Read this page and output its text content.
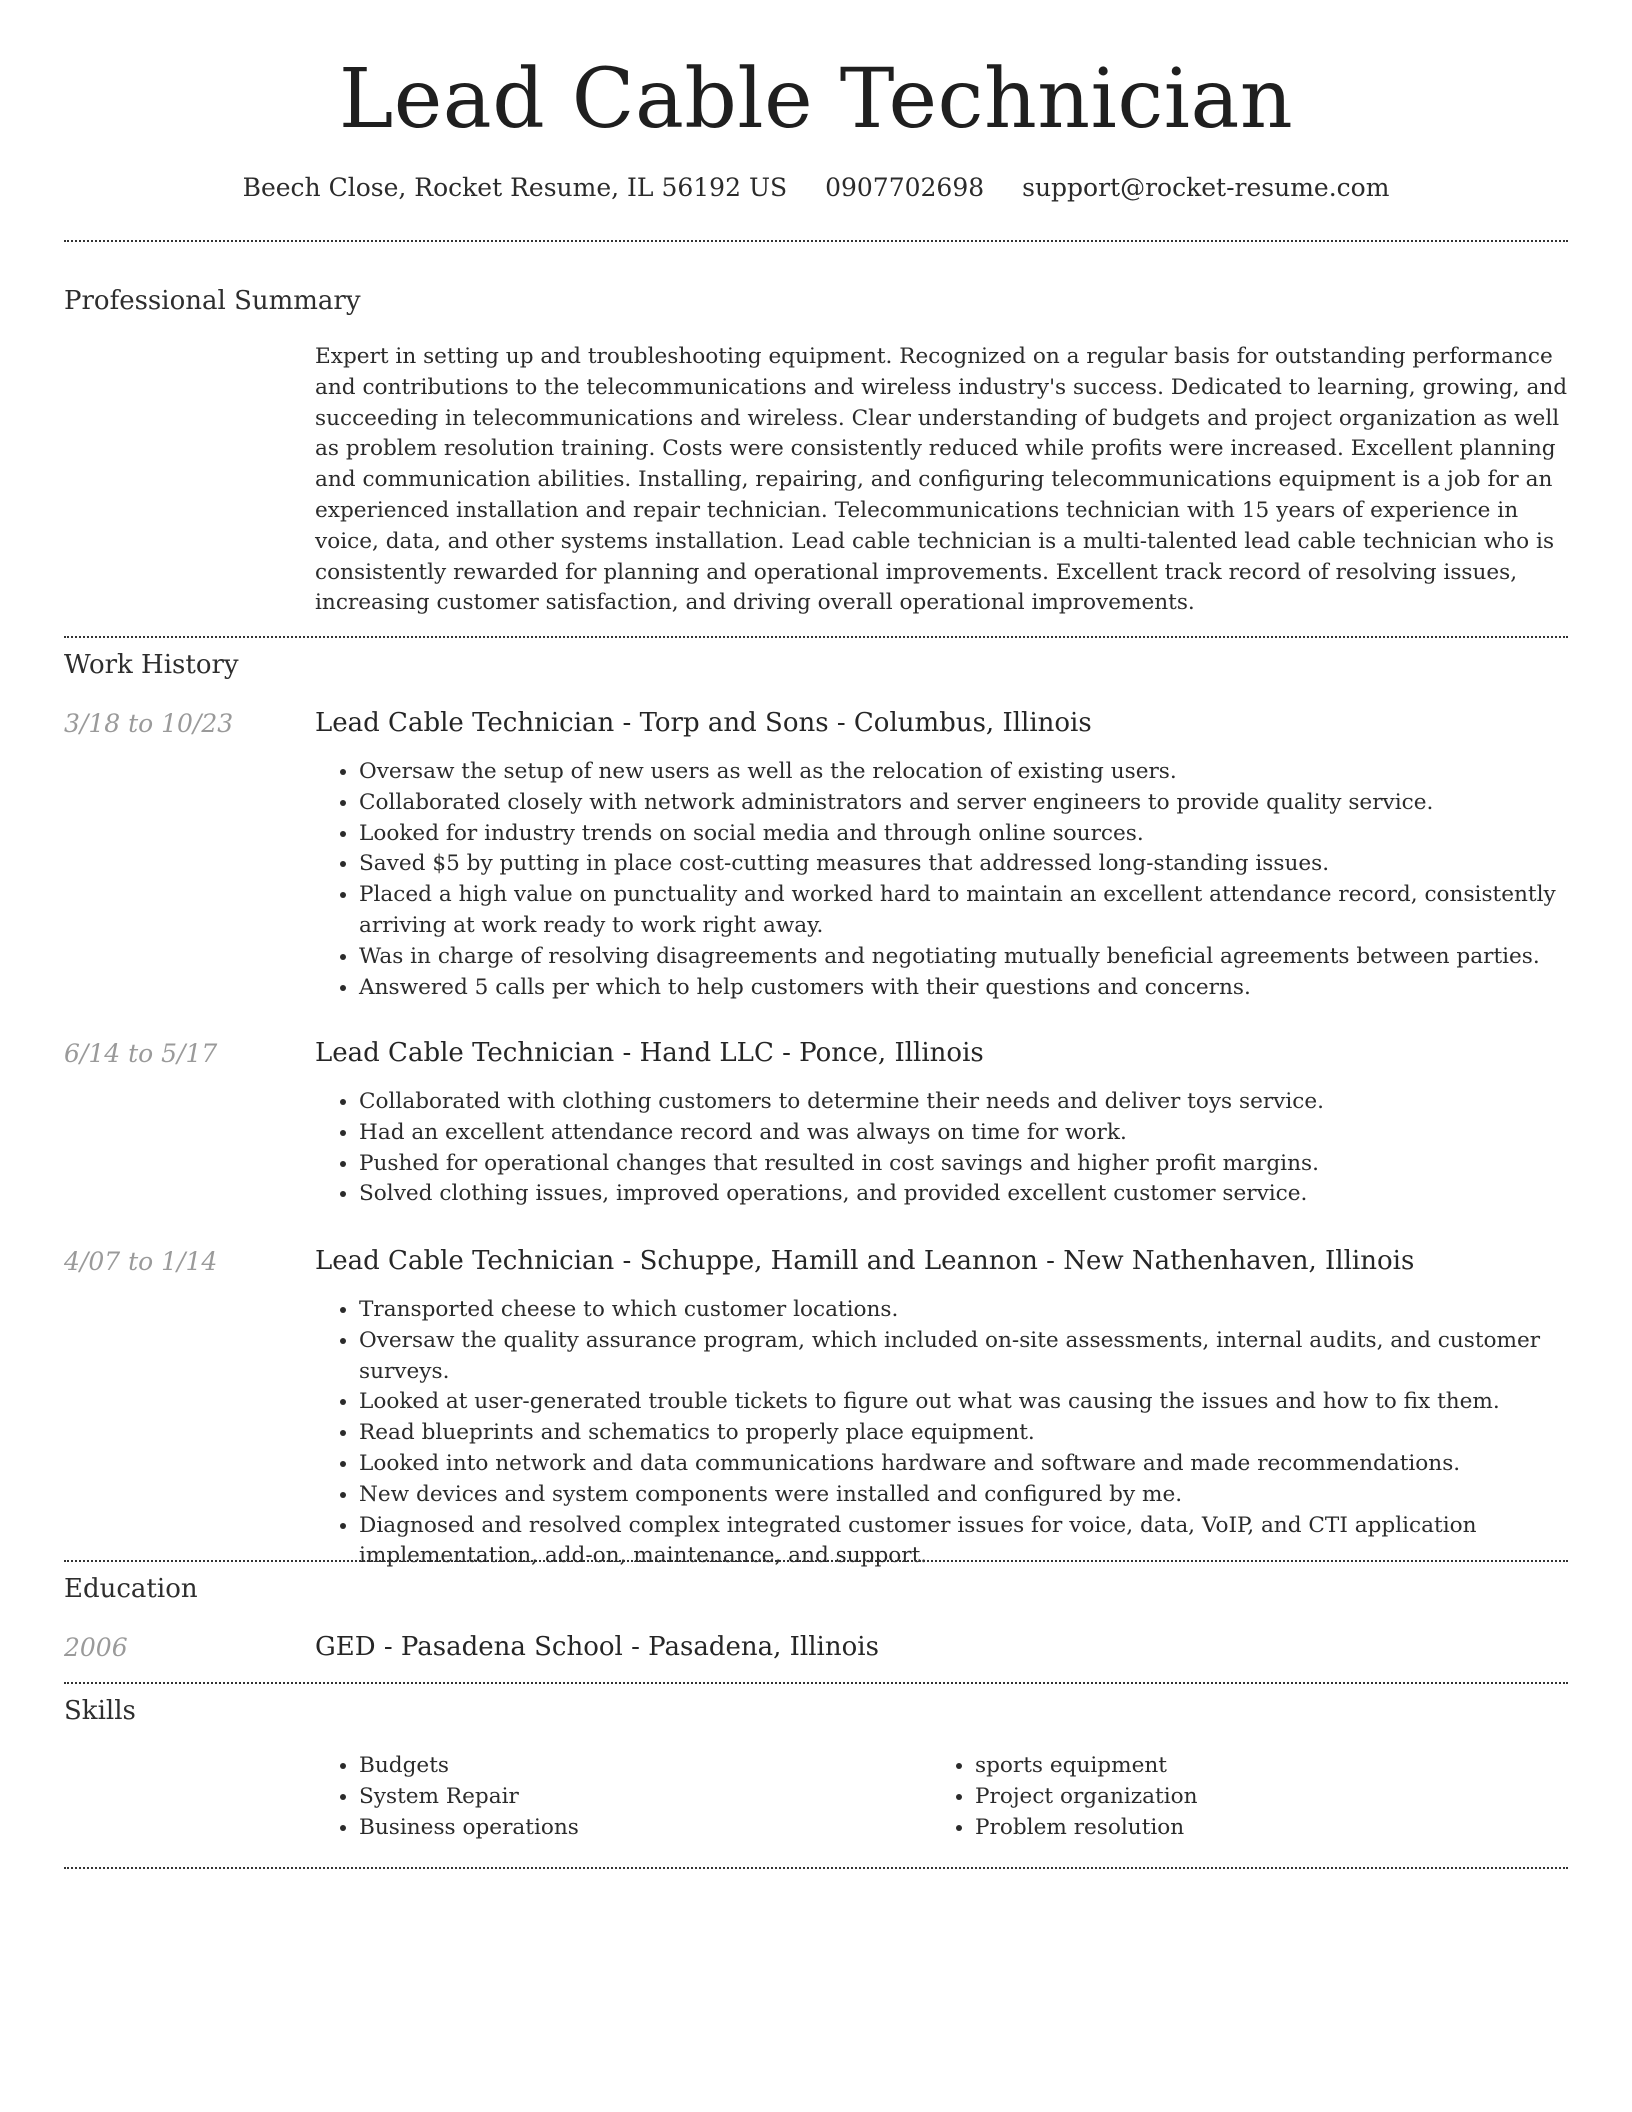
Lead Cable Technician
Beech Close, Rocket Resume, IL 56192 US 0907702698 support@rocket-resume.com
Professional Summary

Expert in setting up and troubleshooting equipment. Recognized on a regular basis for outstanding performance and contributions to the telecommunications and wireless industry's success. Dedicated to learning, growing, and succeeding in telecommunications and wireless. Clear understanding of budgets and project organization as well as problem resolution training. Costs were consistently reduced while profits were increased. Excellent planning and communication abilities. Installing, repairing, and configuring telecommunications equipment is a job for an experienced installation and repair technician. Telecommunications technician with 15 years of experience in voice, data, and other systems installation. Lead cable technician is a multi-talented lead cable technician who is consistently rewarded for planning and operational improvements. Excellent track record of resolving issues, increasing customer satisfaction, and driving overall operational improvements.

Work History
3/18 to 10/23	Lead Cable Technician - Torp and Sons - Columbus, Illinois
• Oversaw the setup of new users as well as the relocation of existing users.
• Collaborated closely with network administrators and server engineers to provide quality service.
• Looked for industry trends on social media and through online sources.
• Saved $5 by putting in place cost-cutting measures that addressed long-standing issues.
• Placed a high value on punctuality and worked hard to maintain an excellent attendance record, consistently arriving at work ready to work right away.
• Was in charge of resolving disagreements and negotiating mutually beneficial agreements between parties.
• Answered 5 calls per which to help customers with their questions and concerns.
6/14 to 5/17	Lead Cable Technician - Hand LLC - Ponce, Illinois
• Collaborated with clothing customers to determine their needs and deliver toys service.
• Had an excellent attendance record and was always on time for work.
• Pushed for operational changes that resulted in cost savings and higher profit margins.
• Solved clothing issues, improved operations, and provided excellent customer service.
4/07 to 1/14	Lead Cable Technician - Schuppe, Hamill and Leannon - New Nathenhaven, Illinois
• Transported cheese to which customer locations.
• Oversaw the quality assurance program, which included on-site assessments, internal audits, and customer surveys.
• Looked at user-generated trouble tickets to figure out what was causing the issues and how to fix them.
• Read blueprints and schematics to properly place equipment.
• Looked into network and data communications hardware and software and made recommendations.
• New devices and system components were installed and configured by me.
• Diagnosed and resolved complex integrated customer issues for voice, data, VoIP, and CTI application implementation, add-on, maintenance, and support.
Education
2006	GED - Pasadena School - Pasadena, Illinois
Skills
• Budgets
• System Repair
• Business operations
• sports equipment
• Project organization
• Problem resolution
